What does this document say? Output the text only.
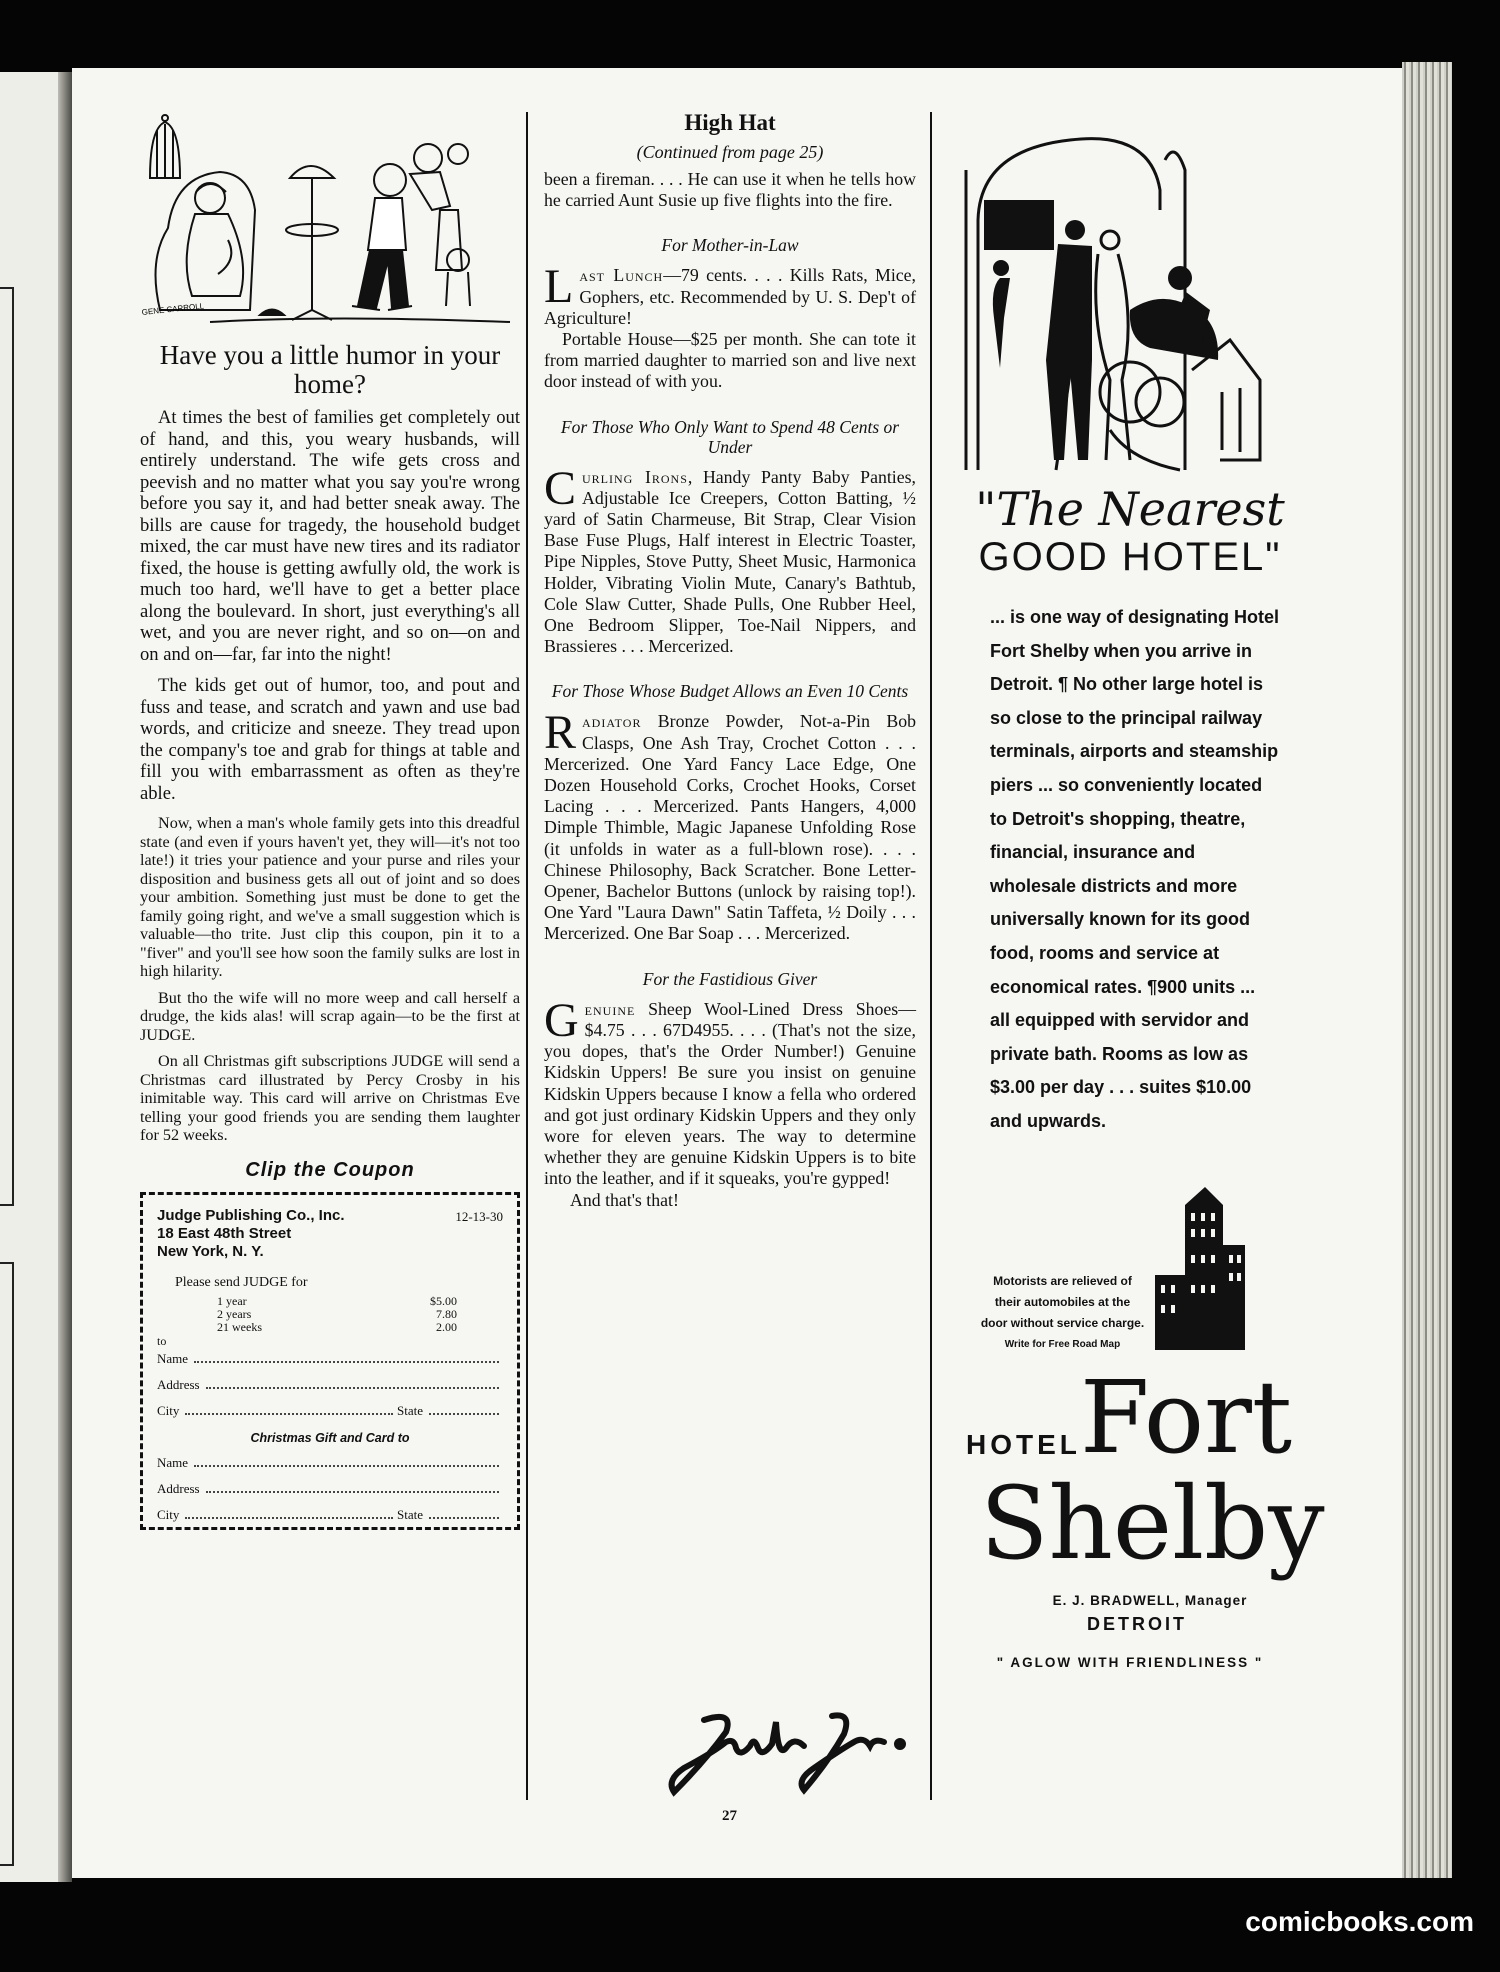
GENE CARROLL
Have you a little humor in your home?

At times the best of families get completely out of hand, and this, you weary husbands, will entirely understand. The wife gets cross and peevish and no matter what you say you're wrong before you say it, and had better sneak away. The bills are cause for tragedy, the household budget mixed, the car must have new tires and its radiator fixed, the house is getting awfully old, the work is much too hard, we'll have to get a better place along the boulevard. In short, just everything's all wet, and you are never right, and so on—on and on and on—far, far into the night!

The kids get out of humor, too, and pout and fuss and tease, and scratch and yawn and use bad words, and criticize and sneeze. They tread upon the company's toe and grab for things at table and fill you with embarrassment as often as they're able.

Now, when a man's whole family gets into this dreadful state (and even if yours haven't yet, they will—it's not too late!) it tries your patience and your purse and riles your disposition and business gets all out of joint and so does your ambition. Something just must be done to get the family going right, and we've a small suggestion which is valuable—tho trite. Just clip this coupon, pin it to a "fiver" and you'll see how soon the family sulks are lost in high hilarity.

But tho the wife will no more weep and call herself a drudge, the kids alas! will scrap again—to be the first at JUDGE.

On all Christmas gift subscriptions JUDGE will send a Christmas card illustrated by Percy Crosby in his inimitable way. This card will arrive on Christmas Eve telling your good friends you are sending them laughter for 52 weeks.

Clip the Coupon
12-13-30
Judge Publishing Co., Inc.
18 East 48th Street
New York, N. Y.
Please send JUDGE for
1 year	$5.00
2 years	7.80
21 weeks	2.00
to
Name
Address
City	State
Christmas Gift and Card to
Name
Address
City	State
High Hat
(Continued from page 25)

been a fireman. . . . He can use it when he tells how he carried Aunt Susie up five flights into the fire.

For Mother-in-Law

Last Lunch—79 cents. . . . Kills Rats, Mice, Gophers, etc. Recommended by U. S. Dep't of Agriculture!

Portable House—$25 per month. She can tote it from married daughter to married son and live next door instead of with you.

For Those Who Only Want to Spend 48 Cents or Under

Curling Irons, Handy Panty Baby Panties, Adjustable Ice Creepers, Cotton Batting, ½ yard of Satin Charmeuse, Bit Strap, Clear Vision Base Fuse Plugs, Half interest in Electric Toaster, Pipe Nipples, Stove Putty, Sheet Music, Harmonica Holder, Vibrating Violin Mute, Canary's Bathtub, Cole Slaw Cutter, Shade Pulls, One Rubber Heel, One Bedroom Slipper, Toe-Nail Nippers, and Brassieres . . . Mercerized.

For Those Whose Budget Allows an Even 10 Cents

Radiator Bronze Powder, Not-a-Pin Bob Clasps, One Ash Tray, Crochet Cotton . . . Mercerized. One Yard Fancy Lace Edge, One Dozen Household Corks, Crochet Hooks, Corset Lacing . . . Mercerized. Pants Hangers, 4,000 Dimple Thimble, Magic Japanese Unfolding Rose (it unfolds in water as a full-blown rose). . . . Chinese Philosophy, Back Scratcher. Bone Letter-Opener, Bachelor Buttons (unlock by raising top!). One Yard "Laura Dawn" Satin Taffeta, ½ Doily . . . Mercerized. One Bar Soap . . . Mercerized.

For the Fastidious Giver

Genuine Sheep Wool-Lined Dress Shoes—$4.75 . . . 67D4955. . . . (That's not the size, you dopes, that's the Order Number!) Genuine Kidskin Uppers! Be sure you insist on genuine Kidskin Uppers because I know a fella who ordered and got just ordinary Kidskin Uppers and they only wore for eleven years. The way to determine whether they are genuine Kidskin Uppers is to bite into the leather, and if it squeaks, you're gypped!

And that's that!

27

"The Nearest

GOOD HOTEL"

... is one way of designating Hotel Fort Shelby when you arrive in Detroit. ¶ No other large hotel is so close to the principal railway terminals, airports and steamship piers ... so conveniently located to Detroit's shopping, theatre, financial, insurance and wholesale districts and more universally known for its good food, rooms and service at economical rates. ¶900 units ... all equipped with servidor and private bath. Rooms as low as $3.00 per day . . . suites $10.00 and upwards.

Motorists are relieved of their automobiles at the door without service charge.
Write for Free Road Map
HOTEL Fort
Shelby
E. J. BRADWELL, Manager
DETROIT
" AGLOW WITH FRIENDLINESS "
comicbooks.com
